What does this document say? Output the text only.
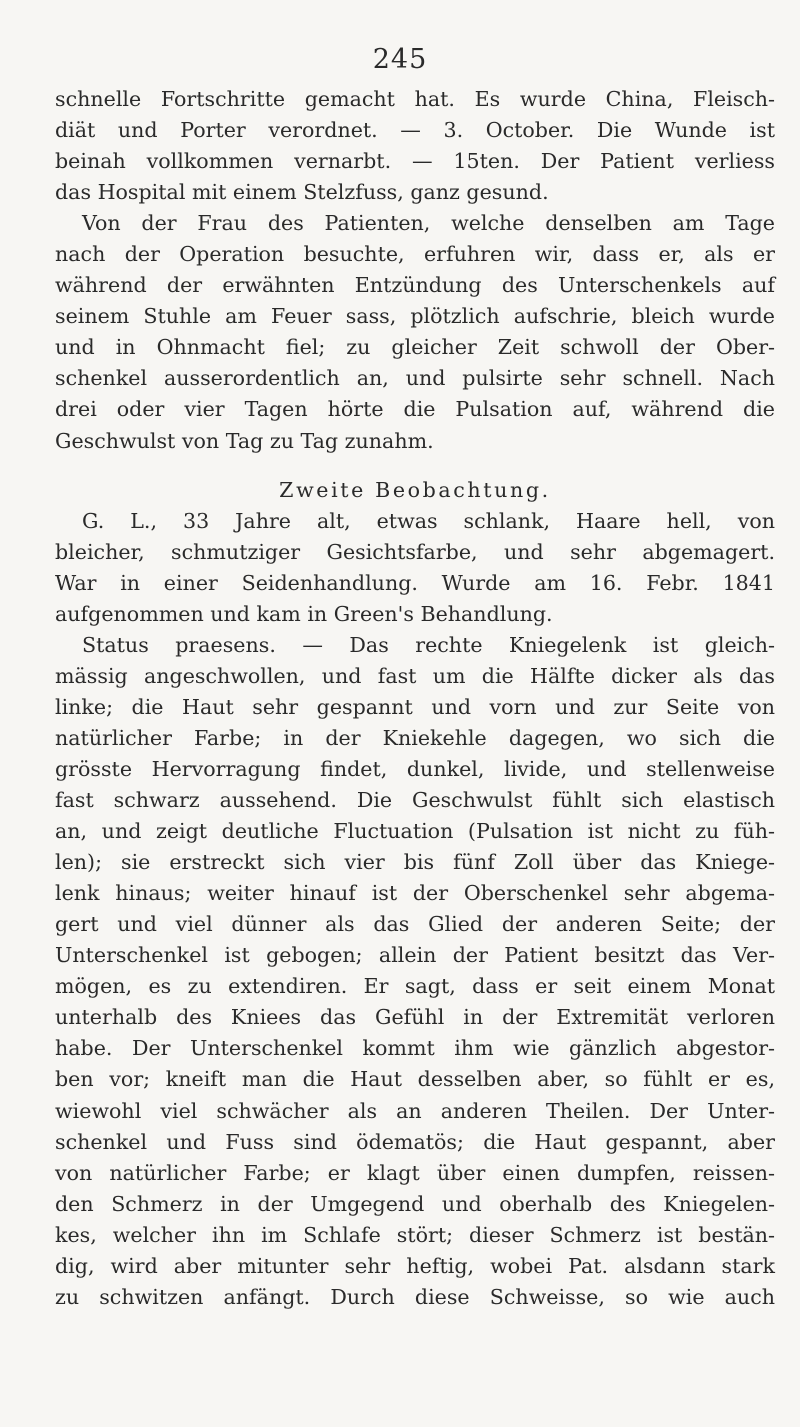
245
schnelle Fortschritte gemacht hat. Es wurde China, Fleisch-
diät und Porter verordnet. — 3. October. Die Wunde ist
beinah vollkommen vernarbt. — 15ten. Der Patient verliess
das Hospital mit einem Stelzfuss, ganz gesund.
Von der Frau des Patienten, welche denselben am Tage
nach der Operation besuchte, erfuhren wir, dass er, als er
während der erwähnten Entzündung des Unterschenkels auf
seinem Stuhle am Feuer sass, plötzlich aufschrie, bleich wurde
und in Ohnmacht fiel; zu gleicher Zeit schwoll der Ober-
schenkel ausserordentlich an, und pulsirte sehr schnell. Nach
drei oder vier Tagen hörte die Pulsation auf, während die
Geschwulst von Tag zu Tag zunahm.
Zweite Beobachtung.
G. L., 33 Jahre alt, etwas schlank, Haare hell, von
bleicher, schmutziger Gesichtsfarbe, und sehr abgemagert.
War in einer Seidenhandlung. Wurde am 16. Febr. 1841
aufgenommen und kam in Green's Behandlung.
Status praesens. — Das rechte Kniegelenk ist gleich-
mässig angeschwollen, und fast um die Hälfte dicker als das
linke; die Haut sehr gespannt und vorn und zur Seite von
natürlicher Farbe; in der Kniekehle dagegen, wo sich die
grösste Hervorragung findet, dunkel, livide, und stellenweise
fast schwarz aussehend. Die Geschwulst fühlt sich elastisch
an, und zeigt deutliche Fluctuation (Pulsation ist nicht zu füh-
len); sie erstreckt sich vier bis fünf Zoll über das Kniege-
lenk hinaus; weiter hinauf ist der Oberschenkel sehr abgema-
gert und viel dünner als das Glied der anderen Seite; der
Unterschenkel ist gebogen; allein der Patient besitzt das Ver-
mögen, es zu extendiren. Er sagt, dass er seit einem Monat
unterhalb des Kniees das Gefühl in der Extremität verloren
habe. Der Unterschenkel kommt ihm wie gänzlich abgestor-
ben vor; kneift man die Haut desselben aber, so fühlt er es,
wiewohl viel schwächer als an anderen Theilen. Der Unter-
schenkel und Fuss sind ödematös; die Haut gespannt, aber
von natürlicher Farbe; er klagt über einen dumpfen, reissen-
den Schmerz in der Umgegend und oberhalb des Kniegelen-
kes, welcher ihn im Schlafe stört; dieser Schmerz ist bestän-
dig, wird aber mitunter sehr heftig, wobei Pat. alsdann stark
zu schwitzen anfängt. Durch diese Schweisse, so wie auch
